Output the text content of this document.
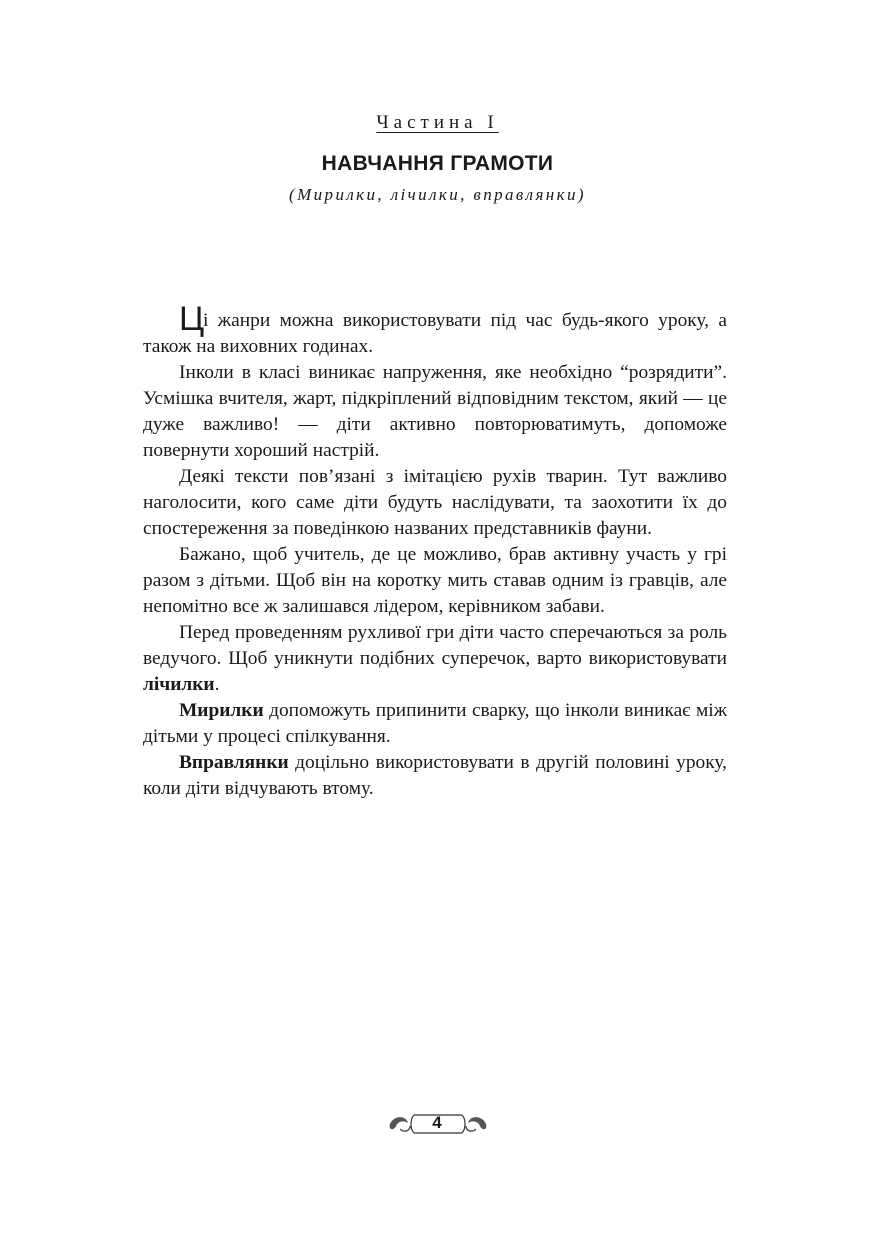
Частина I
НАВЧАННЯ ГРАМОТИ
(Мирилки, лічилки, вправлянки)

Ц
і жанри можна використовувати під час будь-якого уроку, а також на виховних годинах.

Інколи в класі виникає напруження, яке необхідно “розрядити”. Усмішка вчителя, жарт, підкріплений відповідним текстом, який — це дуже важливо! — діти активно повторюватимуть, допоможе повернути хороший настрій.

Деякі тексти пов’язані з імітацією рухів тварин. Тут важливо наголосити, кого саме діти будуть наслідувати, та заохотити їх до спостереження за поведінкою названих представників фауни.

Бажано, щоб учитель, де це можливо, брав активну участь у грі разом з дітьми. Щоб він на коротку мить ставав одним із гравців, але непомітно все ж залишався лідером, керівником забави.

Перед проведенням рухливої гри діти часто сперечаються за роль ведучого. Щоб уникнути подібних суперечок, варто використовувати лічилки.

Мирилки допоможуть припинити сварку, що інколи виникає між дітьми у процесі спілкування.

Вправлянки доцільно використовувати в другій половині уроку, коли діти відчувають втому.

4
